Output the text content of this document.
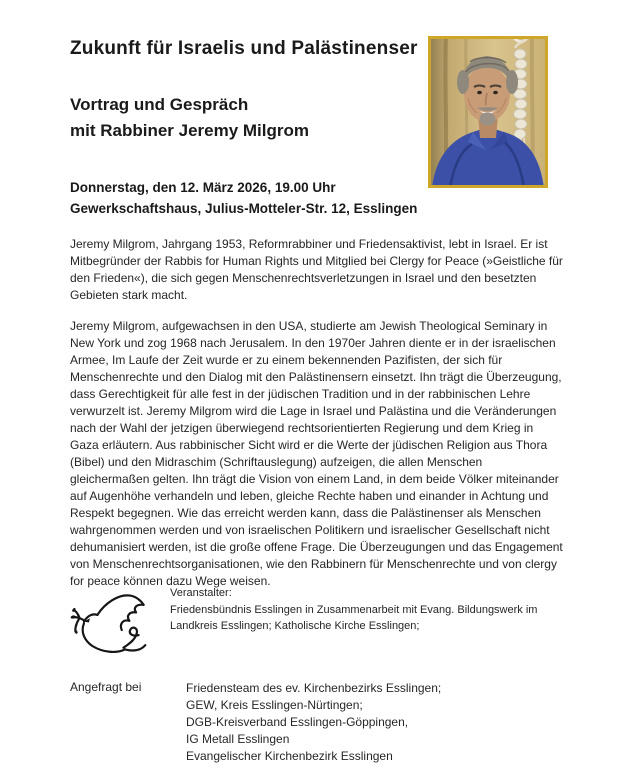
Zukunft für Israelis und Palästinenser
Vortrag und Gespräch
mit Rabbiner Jeremy Milgrom
Donnerstag, den 12. März 2026, 19.00 Uhr
Gewerkschaftshaus, Julius-Motteler-Str. 12, Esslingen
Jeremy Milgrom, Jahrgang 1953, Reformrabbiner und Friedensaktivist, lebt in Israel. Er ist Mitbegründer der Rabbis for Human Rights und Mitglied bei Clergy for Peace (»Geistliche für den Frieden«), die sich gegen Menschenrechtsverletzungen in Israel und den besetzten Gebieten stark macht.
Jeremy Milgrom, aufgewachsen in den USA, studierte am Jewish Theological Seminary in New York und zog 1968 nach Jerusalem. In den 1970er Jahren diente er in der israelischen Armee, Im Laufe der Zeit wurde er zu einem bekennenden Pazifisten, der sich für Menschenrechte und den Dialog mit den Palästinensern einsetzt. Ihn trägt die Überzeugung, dass Gerechtigkeit für alle fest in der jüdischen Tradition und in der rabbinischen Lehre verwurzelt ist. Jeremy Milgrom wird die Lage in Israel und Palästina und die Veränderungen nach der Wahl der jetzigen überwiegend rechtsorientierten Regierung und dem Krieg in Gaza erläutern. Aus rabbinischer Sicht wird er die Werte der jüdischen Religion aus Thora (Bibel) und den Midraschim (Schriftauslegung) aufzeigen, die allen Menschen gleichermaßen gelten. Ihn trägt die Vision von einem Land, in dem beide Völker miteinander auf Augenhöhe verhandeln und leben, gleiche Rechte haben und einander in Achtung und Respekt begegnen. Wie das erreicht werden kann, dass die Palästinenser als Menschen wahrgenommen werden und von israelischen Politikern und israelischer Gesellschaft nicht dehumanisiert werden, ist die große offene Frage. Die Überzeugungen und das Engagement von Menschenrechtsorganisationen, wie den Rabbinern für Menschenrechte und von clergy for peace können dazu Wege weisen.
Veranstalter:
Friedensbündnis Esslingen in Zusammenarbeit mit Evang. Bildungswerk im Landkreis Esslingen; Katholische Kirche Esslingen;
Angefragt bei	Friedensteam des ev. Kirchenbezirks Esslingen;
GEW, Kreis Esslingen-Nürtingen;
DGB-Kreisverband Esslingen-Göppingen,
IG Metall Esslingen
Evangelischer Kirchenbezirk Esslingen
